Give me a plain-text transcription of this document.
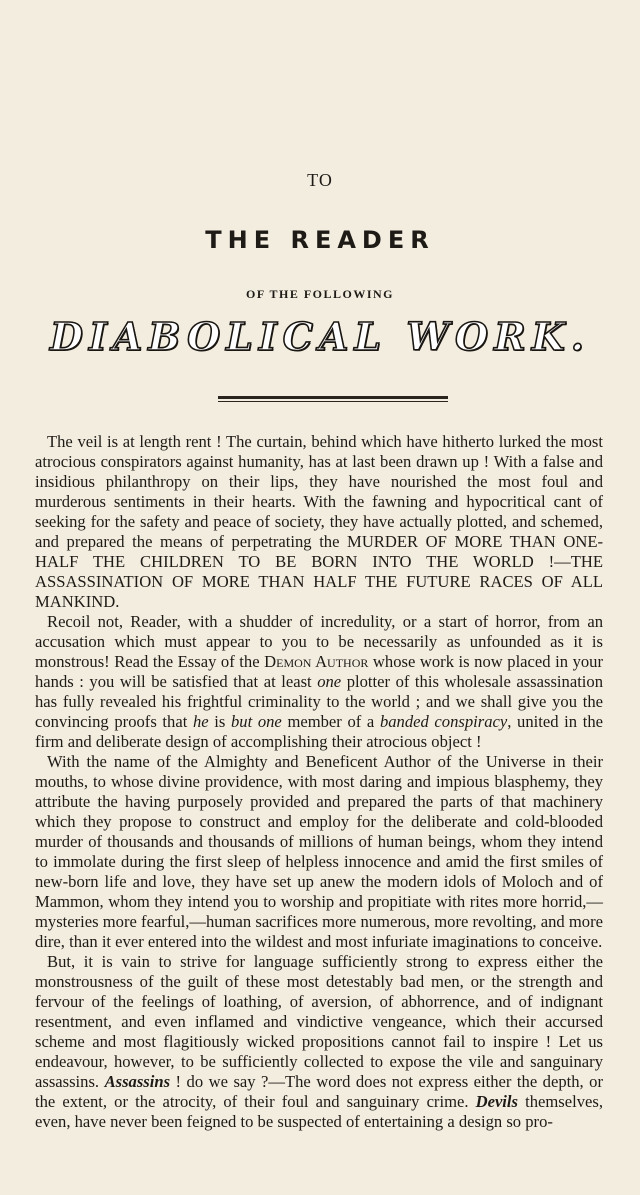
TO
THE READER
OF THE FOLLOWING
DIABOLICAL WORK.

The veil is at length rent ! The curtain, behind which have hitherto lurked the most atrocious conspirators against humanity, has at last been drawn up ! With a false and insidious philanthropy on their lips, they have nourished the most foul and murderous sentiments in their hearts. With the fawning and hypocritical cant of seeking for the safety and peace of society, they have actually plotted, and schemed, and prepared the means of perpetrating the MURDER OF MORE THAN ONE-HALF THE CHILDREN TO BE BORN INTO THE WORLD !—THE ASSASSINATION OF MORE THAN HALF THE FUTURE RACES OF ALL MANKIND.

Recoil not, Reader, with a shudder of incredulity, or a start of horror, from an accusation which must appear to you to be necessarily as unfounded as it is monstrous! Read the Essay of the Demon Author whose work is now placed in your hands : you will be satisfied that at least one plotter of this wholesale assassination has fully revealed his frightful criminality to the world ; and we shall give you the convincing proofs that he is but one member of a banded conspiracy, united in the firm and deliberate design of accomplishing their atrocious object !

With the name of the Almighty and Beneficent Author of the Universe in their mouths, to whose divine providence, with most daring and impious blasphemy, they attribute the having purposely provided and prepared the parts of that machinery which they propose to construct and employ for the deliberate and cold-blooded murder of thousands and thousands of millions of human beings, whom they intend to immolate during the first sleep of helpless innocence and amid the first smiles of new-born life and love, they have set up anew the modern idols of Moloch and of Mammon, whom they intend you to worship and propitiate with rites more horrid,—mysteries more fearful,—human sacrifices more numerous, more revolting, and more dire, than it ever entered into the wildest and most infuriate imaginations to conceive.

But, it is vain to strive for language sufficiently strong to express either the monstrousness of the guilt of these most detestably bad men, or the strength and fervour of the feelings of loathing, of aversion, of abhorrence, and of indignant resentment, and even inflamed and vindictive vengeance, which their accursed scheme and most flagitiously wicked propositions cannot fail to inspire ! Let us endeavour, however, to be sufficiently collected to expose the vile and sanguinary assassins. Assassins ! do we say ?—The word does not express either the depth, or the extent, or the atrocity, of their foul and sanguinary crime. Devils themselves, even, have never been feigned to be suspected of entertaining a design so pro-
